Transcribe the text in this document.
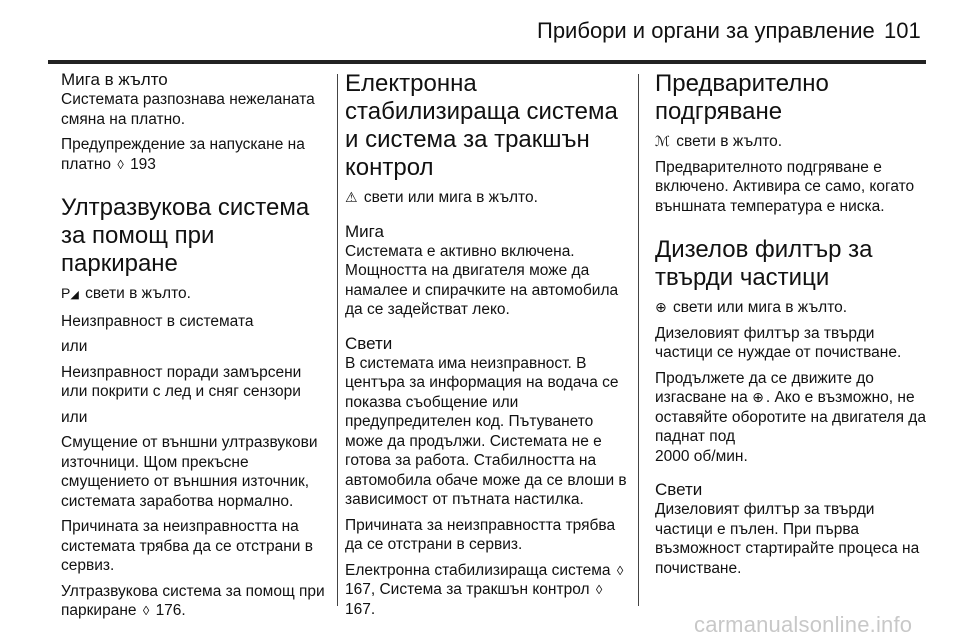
Прибори и органи за управление 101
Мига в жълто

Системата разпознава нежеланата смяна на платно.

Предупреждение за напускане на платно ◊ 193

Ултразвукова система за помощ при паркиране

P◢ свети в жълто.

Неизправност в системата

или

Неизправност поради замърсени или покрити с лед и сняг сензори

или

Смущение от външни ултразвукови източници. Щом прекъсне смущението от външния източник, системата заработва нормално.

Причината за неизправността на системата трябва да се отстрани в сервиз.

Ултразвукова система за помощ при паркиране ◊ 176.

Електронна стабилизираща система и система за тракшън контрол

⚠ свети или мига в жълто.

Мига

Системата е активно включена. Мощността на двигателя може да намалее и спирачките на автомобила да се задействат леко.

Свети

В системата има неизправност. В центъра за информация на водача се показва съобщение или предупредителен код. Пътуването може да продължи. Системата не е готова за работа. Стабилността на автомобила обаче може да се влоши в зависимост от пътната настилка.

Причината за неизправността трябва да се отстрани в сервиз.

Електронна стабилизираща система ◊ 167, Система за тракшън контрол ◊ 167.

Предварително подгряване

ℳ свети в жълто.

Предварителното подгряване е включено. Активира се само, когато външната температура е ниска.

Дизелов филтър за твърди частици

⊕ свети или мига в жълто.

Дизеловият филтър за твърди частици се нуждае от почистване.

Продължете да се движите до изгасване на ⊕ . Ако е възможно, не оставяйте оборотите на двигателя да паднат под
2000 об/мин.

Свети

Дизеловият филтър за твърди частици е пълен. При първа възможност стартирайте процеса на почистване.

carmanualsonline.info
